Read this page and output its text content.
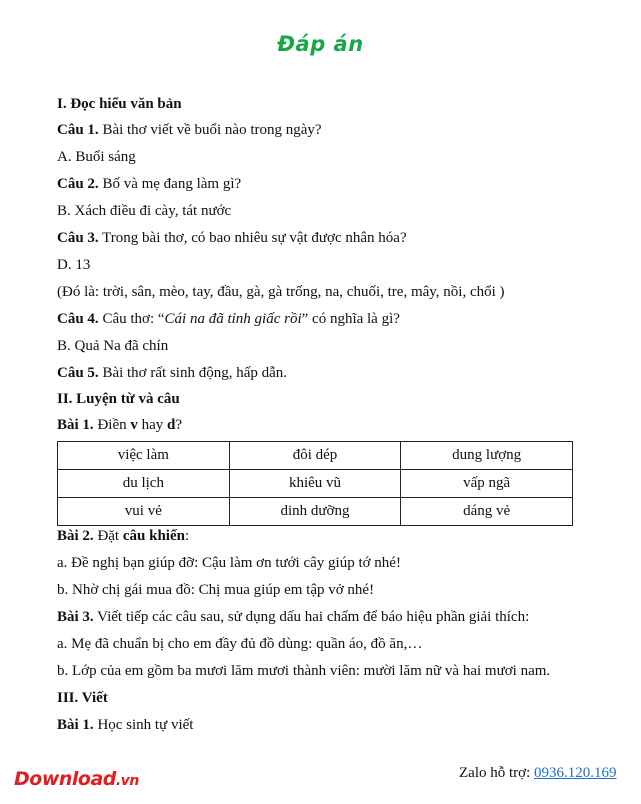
Đáp án
I. Đọc hiểu văn bản
Câu 1. Bài thơ viết về buổi nào trong ngày?
A. Buổi sáng
Câu 2. Bố và mẹ đang làm gì?
B. Xách điều đi cày, tát nước
Câu 3. Trong bài thơ, có bao nhiêu sự vật được nhân hóa?
D. 13
(Đó là: trời, sân, mèo, tay, đầu, gà, gà trống, na, chuối, tre, mây, nồi, chổi )
Câu 4. Câu thơ: “Cái na đã tỉnh giấc rồi” có nghĩa là gì?
B. Quả Na đã chín
Câu 5. Bài thơ rất sinh động, hấp dẫn.
II. Luyện từ và câu
Bài 1. Điền v hay d?
việc làm	đôi dép	dung lượng
du lịch	khiêu vũ	vấp ngã
vui vẻ	dinh dưỡng	dáng vẻ
Bài 2. Đặt câu khiến:
a. Đề nghị bạn giúp đỡ: Cậu làm ơn tưới cây giúp tớ nhé!
b. Nhờ chị gái mua đồ: Chị mua giúp em tập vở nhé!
Bài 3. Viết tiếp các câu sau, sử dụng dấu hai chấm để báo hiệu phần giải thích:
a. Mẹ đã chuẩn bị cho em đầy đủ đồ dùng: quần áo, đồ ăn,…
b. Lớp của em gồm ba mươi lăm mươi thành viên: mười lăm nữ và hai mươi nam.
III. Viết
Bài 1. Học sinh tự viết
Download.vn	Zalo hỗ trợ: 0936.120.169
